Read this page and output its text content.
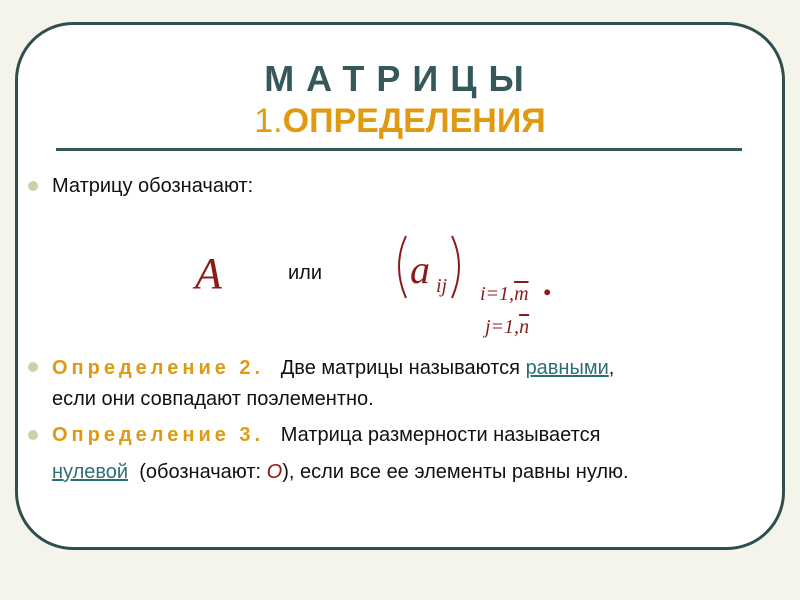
МАТРИЦЫ
1.ОПРЕДЕЛЕНИЯ
Матрицу обозначают:
A	или a ij $i=1,\overline{m}$ .
$j=1,\overline{n}$
Определение 2. Две матрицы называются равными,
если они совпадают поэлементно.
Определение 3. Матрица размерности называется
нулевой  (обозначают: О), если все ее элементы равны нулю.
